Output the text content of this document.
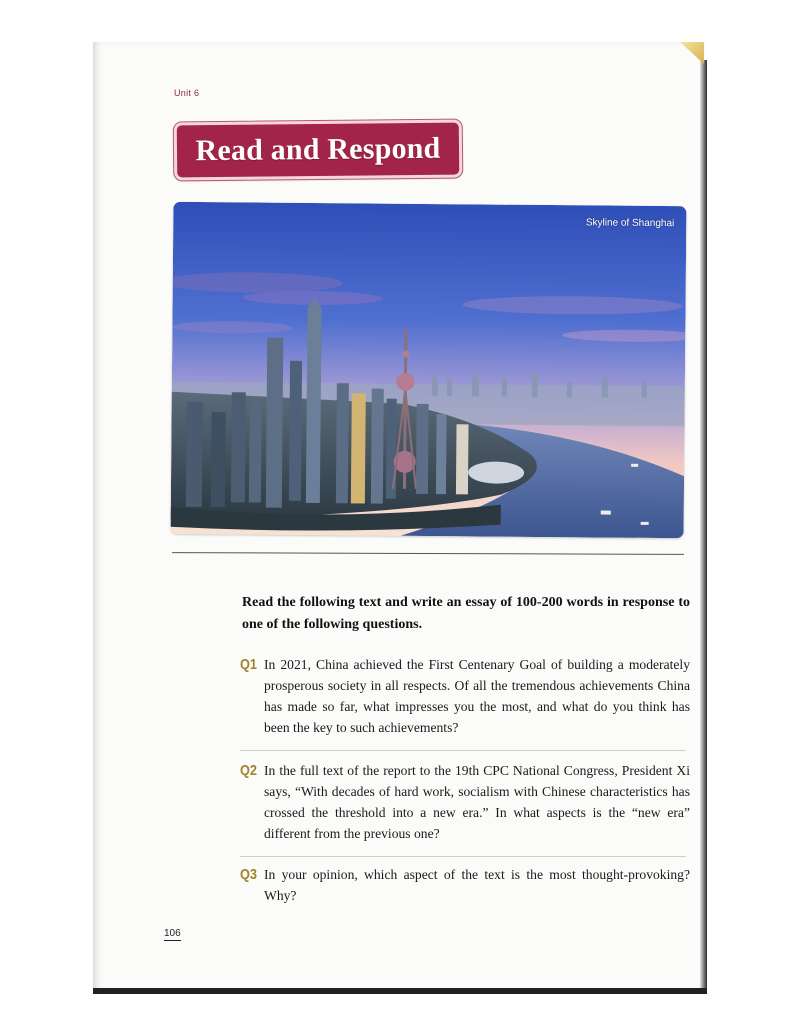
Unit 6
Read and Respond
Skyline of Shanghai
Read the following text and write an essay of 100-200 words in response to one of the following questions.
Q1 In 2021, China achieved the First Centenary Goal of building a moderately prosperous society in all respects. Of all the tremendous achievements China has made so far, what impresses you the most, and what do you think has been the key to such achievements?
Q2 In the full text of the report to the 19th CPC National Congress, President Xi says, “With decades of hard work, socialism with Chinese characteristics has crossed the threshold into a new era.” In what aspects is the “new era” different from the previous one?
Q3 In your opinion, which aspect of the text is the most thought-provoking? Why?
106
